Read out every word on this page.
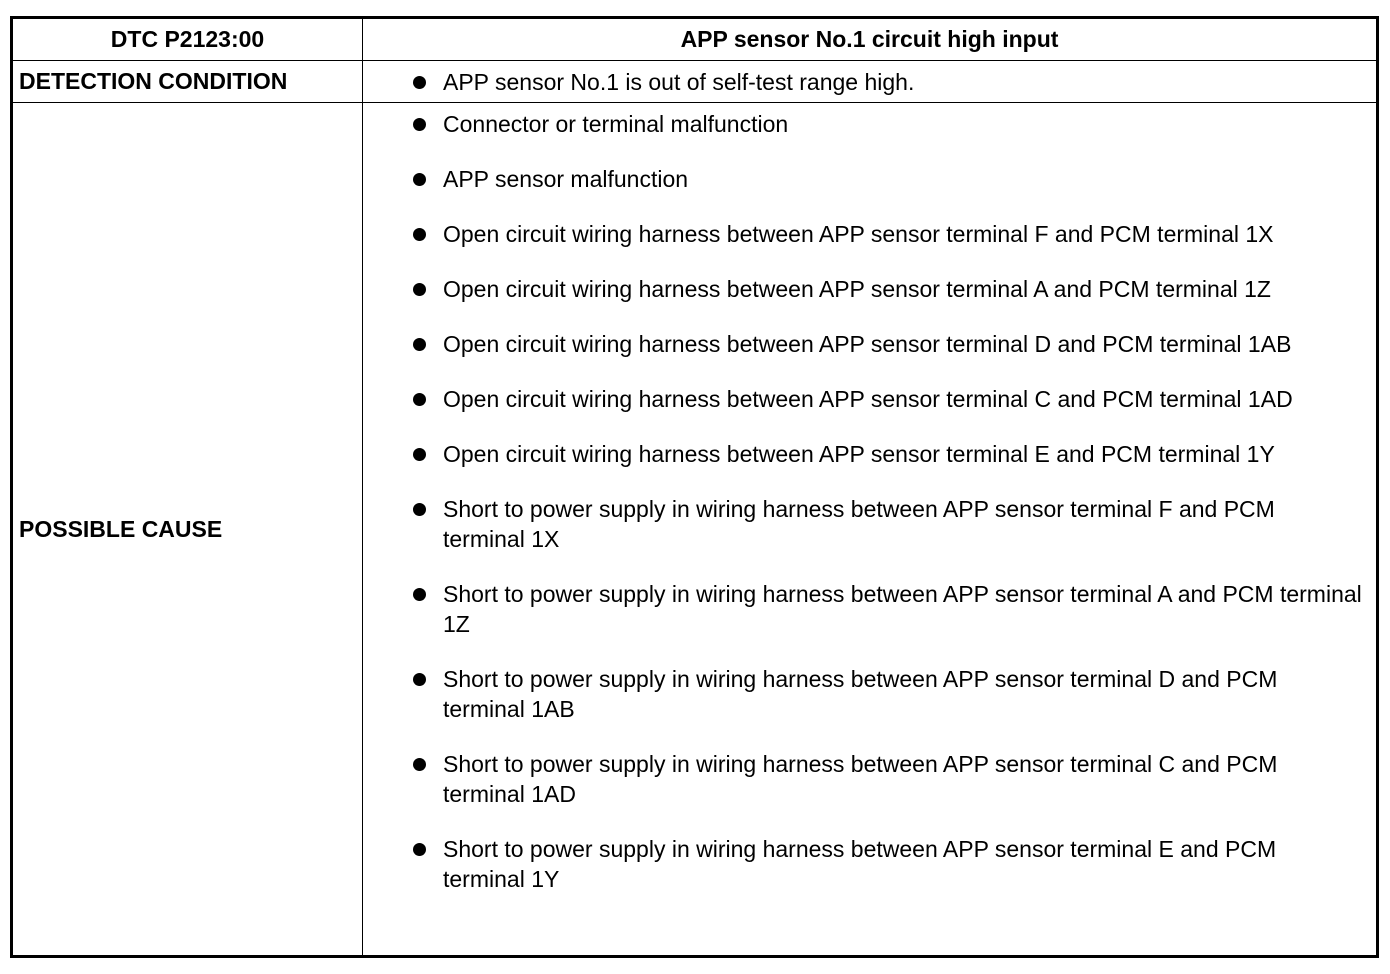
DTC P2123:00	APP sensor No.1 circuit high input
DETECTION CONDITION	APP sensor No.1 is out of self-test range high.
POSSIBLE CAUSE
Connector or terminal malfunction
APP sensor malfunction
Open circuit wiring harness between APP sensor terminal F and PCM terminal 1X
Open circuit wiring harness between APP sensor terminal A and PCM terminal 1Z
Open circuit wiring harness between APP sensor terminal D and PCM terminal 1AB
Open circuit wiring harness between APP sensor terminal C and PCM terminal 1AD
Open circuit wiring harness between APP sensor terminal E and PCM terminal 1Y
Short to power supply in wiring harness between APP sensor terminal F and PCM terminal 1X
Short to power supply in wiring harness between APP sensor terminal A and PCM terminal 1Z
Short to power supply in wiring harness between APP sensor terminal D and PCM terminal 1AB
Short to power supply in wiring harness between APP sensor terminal C and PCM terminal 1AD
Short to power supply in wiring harness between APP sensor terminal E and PCM terminal 1Y
